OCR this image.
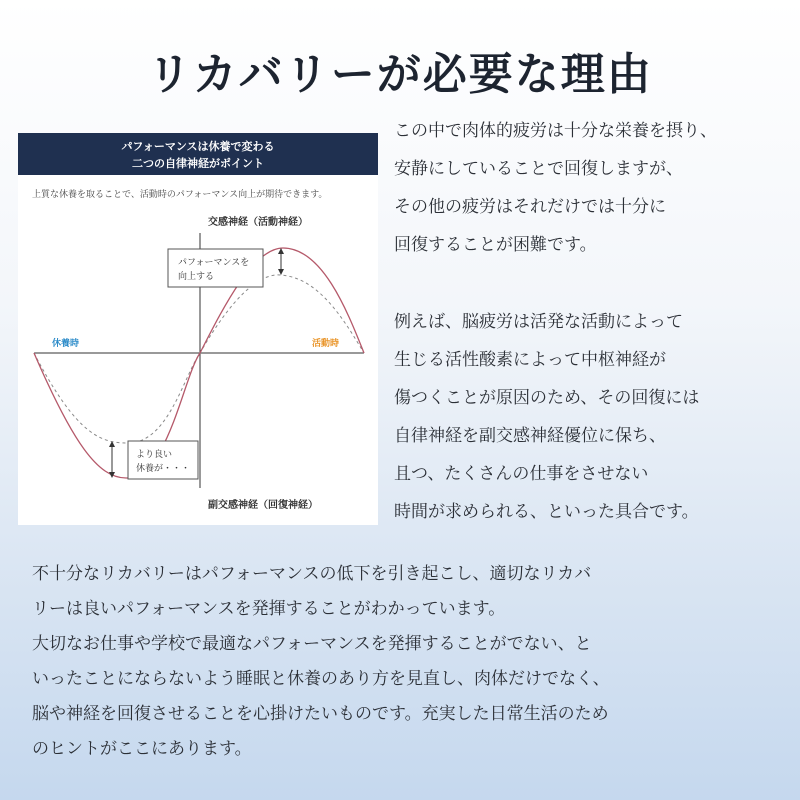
リカバリーが必要な理由
パフォーマンスは休養で変わる
二つの自律神経がポイント
上質な休養を取ることで、活動時のパフォーマンス向上が期待できます。
パフォーマンスを
向上する
より良い
休養が・・・
交感神経（活動神経）
副交感神経（回復神経）
休養時	活動時
この中で肉体的疲労は十分な栄養を摂り、
安静にしていることで回復しますが、
その他の疲労はそれだけでは十分に
回復することが困難です。
例えば、脳疲労は活発な活動によって
生じる活性酸素によって中枢神経が
傷つくことが原因のため、その回復には
自律神経を副交感神経優位に保ち、
且つ、たくさんの仕事をさせない
時間が求められる、といった具合です。
不十分なリカバリーはパフォーマンスの低下を引き起こし、適切なリカバ
リーは良いパフォーマンスを発揮することがわかっています。
大切なお仕事や学校で最適なパフォーマンスを発揮することがでない、と
いったことにならないよう睡眠と休養のあり方を見直し、肉体だけでなく、
脳や神経を回復させることを心掛けたいものです。充実した日常生活のため
のヒントがここにあります。
